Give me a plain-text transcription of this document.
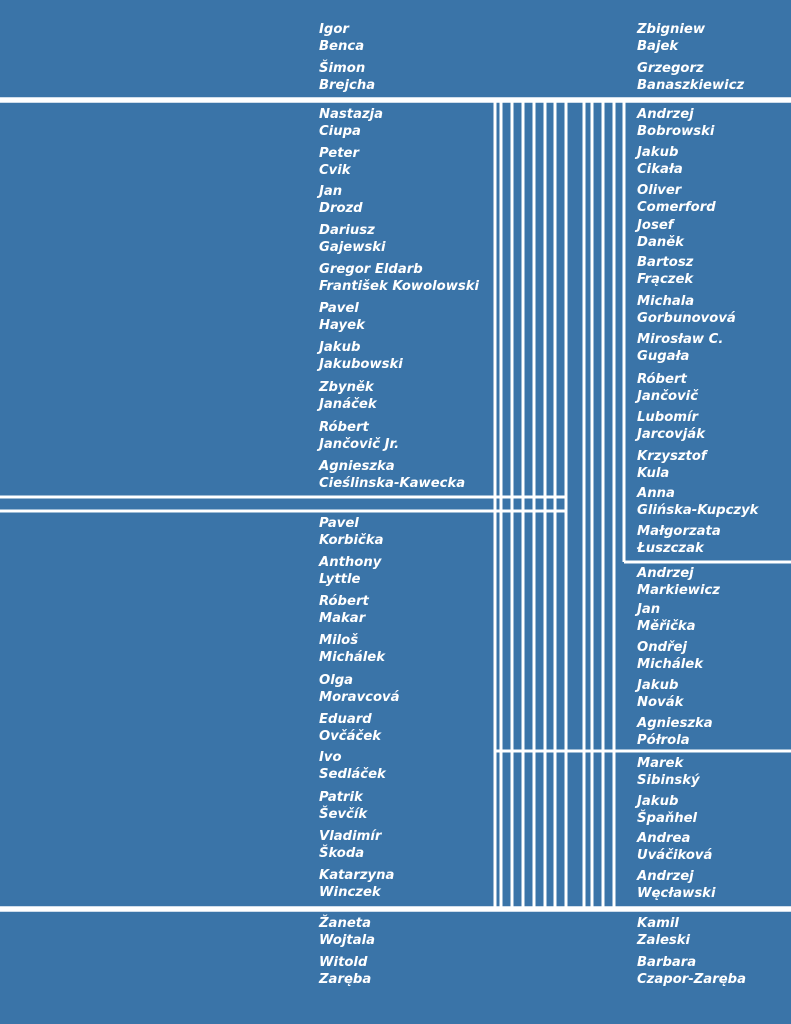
Igor
Benca
Šimon
Brejcha
Nastazja
Ciupa
Peter
Cvik
Jan
Drozd
Dariusz
Gajewski
Gregor Eldarb
František Kowolowski
Pavel
Hayek
Jakub
Jakubowski
Zbyněk
Janáček
Róbert
Jančovič Jr.
Agnieszka
Cieślinska-Kawecka
Pavel
Korbička
Anthony
Lyttle
Róbert
Makar
Miloš
Michálek
Olga
Moravcová
Eduard
Ovčáček
Ivo
Sedláček
Patrik
Ševčík
Vladimír
Škoda
Katarzyna
Winczek
Žaneta
Wojtala
Witold
Zaręba
Zbigniew
Bajek
Grzegorz
Banaszkiewicz
Andrzej
Bobrowski
Jakub
Cikała
Oliver
Comerford
Josef
Daněk
Bartosz
Frączek
Michala
Gorbunovová
Mirosław C.
Gugała
Róbert
Jančovič
Lubomír
Jarcovják
Krzysztof
Kula
Anna
Glińska-Kupczyk
Małgorzata
Łuszczak
Andrzej
Markiewicz
Jan
Měřička
Ondřej
Michálek
Jakub
Novák
Agnieszka
Półrola
Marek
Sibinský
Jakub
Špaňhel
Andrea
Uváčiková
Andrzej
Węcławski
Kamil
Zaleski
Barbara
Czapor-Zaręba
